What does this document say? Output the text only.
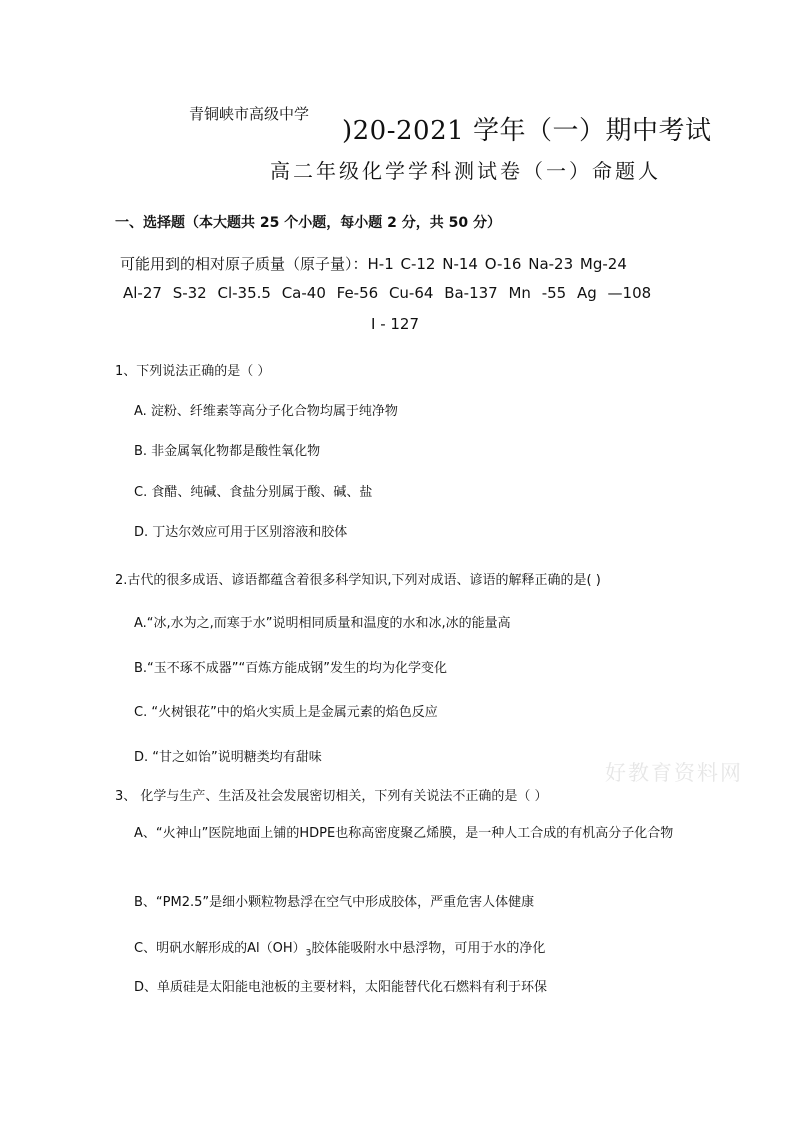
青铜峡市高级中学
)20-2021 学年（一）期中考试
高二年级化学学科测试卷（一）命题人
一、选择题（本大题共 25 个小题，每小题 2 分，共 50 分）
可能用到的相对原子质量（原子量）：H-1 C-12 N-14 O-16 Na-23 Mg-24
Al-27 S-32 Cl-35.5 Ca-40 Fe-56 Cu-64 Ba-137 Mn -55 Ag —108
I - 127
1、下列说法正确的是（ ）
A. 淀粉、纤维素等高分子化合物均属于纯净物
B. 非金属氧化物都是酸性氧化物
C. 食醋、纯碱、食盐分别属于酸、碱、盐
D. 丁达尔效应可用于区别溶液和胶体
2.古代的很多成语、谚语都蕴含着很多科学知识,下列对成语、谚语的解释正确的是( )
A.“冰,水为之,而寒于水”说明相同质量和温度的水和冰,冰的能量高
B.“玉不琢不成器”“百炼方能成钢”发生的均为化学变化
C. “火树银花”中的焰火实质上是金属元素的焰色反应
D. “甘之如饴”说明糖类均有甜味
好教育资料网
3、 化学与生产、生活及社会发展密切相关，下列有关说法不正确的是（ ）
A、“火神山”医院地面上铺的HDPE也称高密度聚乙烯膜，是一种人工合成的有机高分子化合物
B、“PM2.5”是细小颗粒物悬浮在空气中形成胶体，严重危害人体健康
C、明矾水解形成的$Al(OH)_3$胶体能吸附水中悬浮物，可用于水的净化
D、单质硅是太阳能电池板的主要材料，太阳能替代化石燃料有利于环保
